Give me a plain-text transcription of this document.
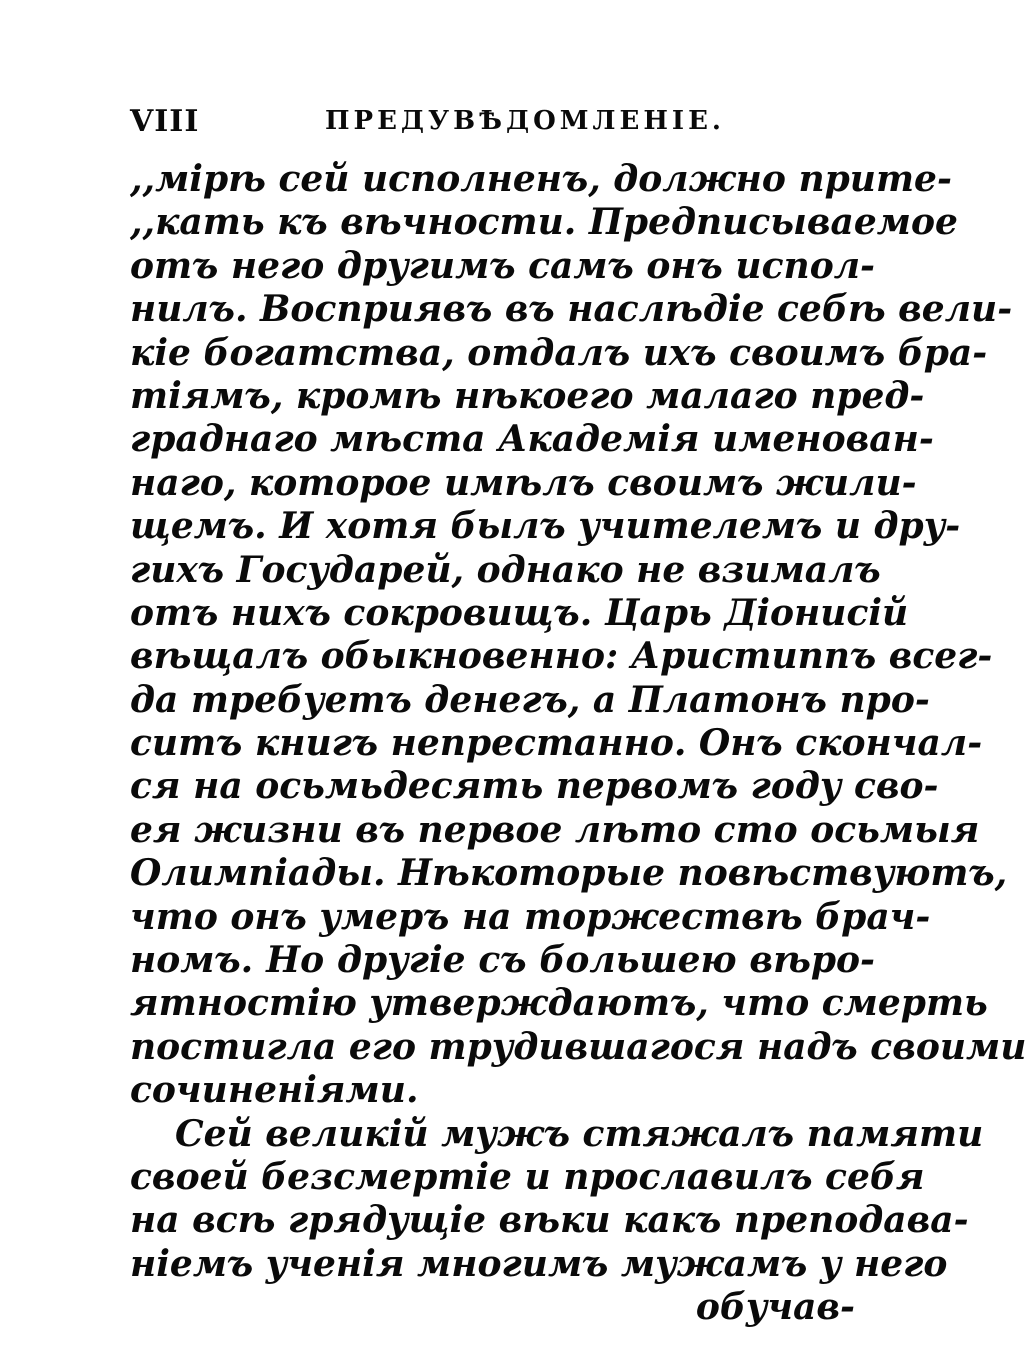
VIII	ПРЕДУВѢДОМЛЕНІЕ.
,,мірѣ сей исполненъ, должно прите-
,,кать къ вѣчности. Предписываемое
отъ него другимъ самъ онъ испол-
нилъ. Восприявъ въ наслѣдіе себѣ вели-
кіе богатства, отдалъ ихъ своимъ бра-
тіямъ, кромѣ нѣкоего малаго пред-
граднаго мѣста Академія именован-
наго, которое имѣлъ своимъ жили-
щемъ. И хотя былъ учителемъ и дру-
гихъ Государей, однако не взималъ
отъ нихъ сокровищъ. Царь Діонисій
вѣщалъ обыкновенно: Аристиппъ всег-
да требуетъ денегъ, а Платонъ про-
ситъ книгъ непрестанно. Онъ скончал-
ся на осьмьдесять первомъ году сво-
ея жизни въ первое лѣто сто осьмыя
Олимпіады. Нѣкоторые повѣствуютъ,
что онъ умеръ на торжествѣ брач-
номъ. Но другіе съ большею вѣро-
ятностію утверждаютъ, что смерть
постигла его трудившагося надъ своими
сочиненіями.
Сей великій мужъ стяжалъ памяти
своей безсмертіе и прославилъ себя
на всѣ грядущіе вѣки какъ преподава-
ніемъ ученія многимъ мужамъ у него
обучав-
